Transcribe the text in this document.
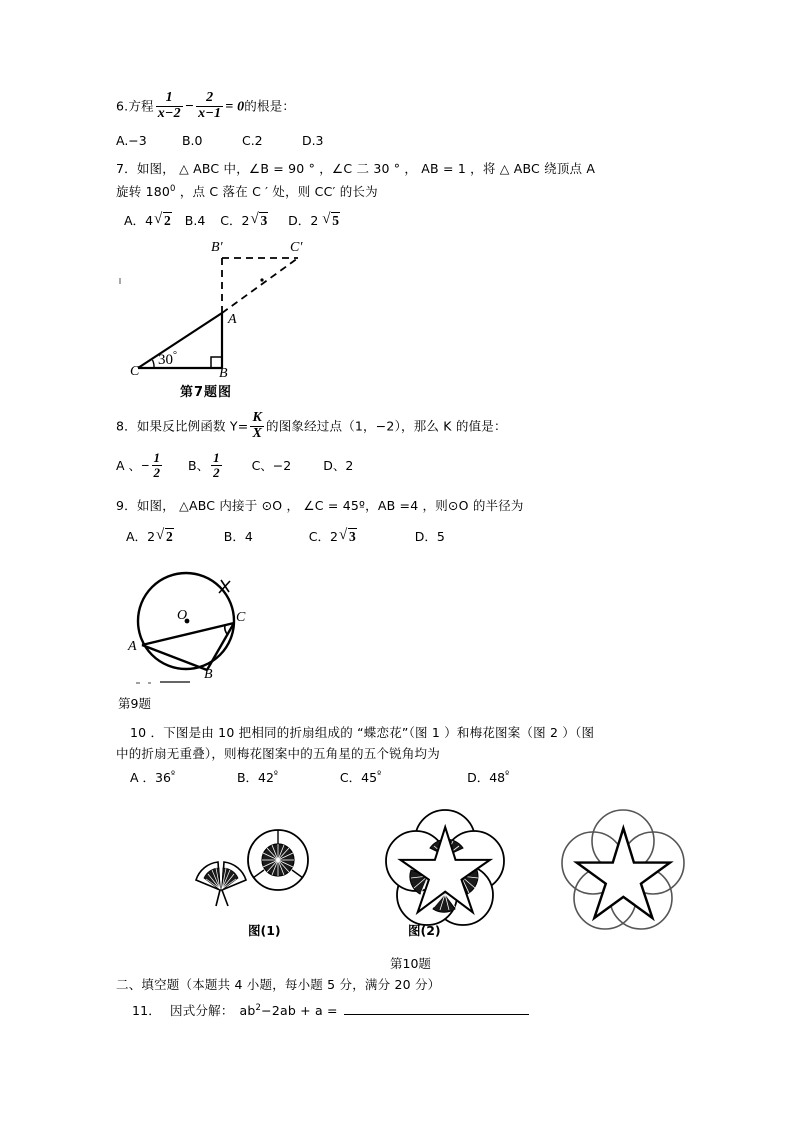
6.方程 $\frac{1}{x-2} - \frac{2}{x-1} = 0$的根是：
A.−3	B.0	C.2	D.3
7．如图， △ ABC 中，∠B = 90 ° ，∠C 二 30 ° ， AB = 1 ，将 △ ABC 绕顶点 A
旋转 $180^0$ ，点 C 落在 C ′ 处，则 CC′ 的长为
A．4 √ 2 B.4 C．2 √ 3 D．2 √ 5
C	B
A
B′	C′
30°
第7题图
8．如果反比例函数 $Y= \frac{K}{X}$ 的图象经过点（1，−2），那么 K 的值是：
A 、− $\frac{1}{2}$ B、 $\frac{1}{2}$ C、−2	D、2
9．如图， △ABC 内接于 ⊙O ， ∠C = 45º，AB =4 ，则⊙O 的半径为
A．2 √ 2	B．4	C．2 √ 3	D．5
O
A
B
C
第9题
10 ．下图是由 10 把相同的折扇组成的 “蝶恋花”（图 1 ）和梅花图案（图 2 ）（图
中的折扇无重叠），则梅花图案中的五角星的五个锐角均为
A ．$36^º$	B．$42^º$	C．$45^º$	D．$48^º$
图(1)	图(2)
第10题
二、填空题（本题共 4 小题，每小题 5 分，满分 20 分）
11． 因式分解： $ab^2-2ab + a$ =
